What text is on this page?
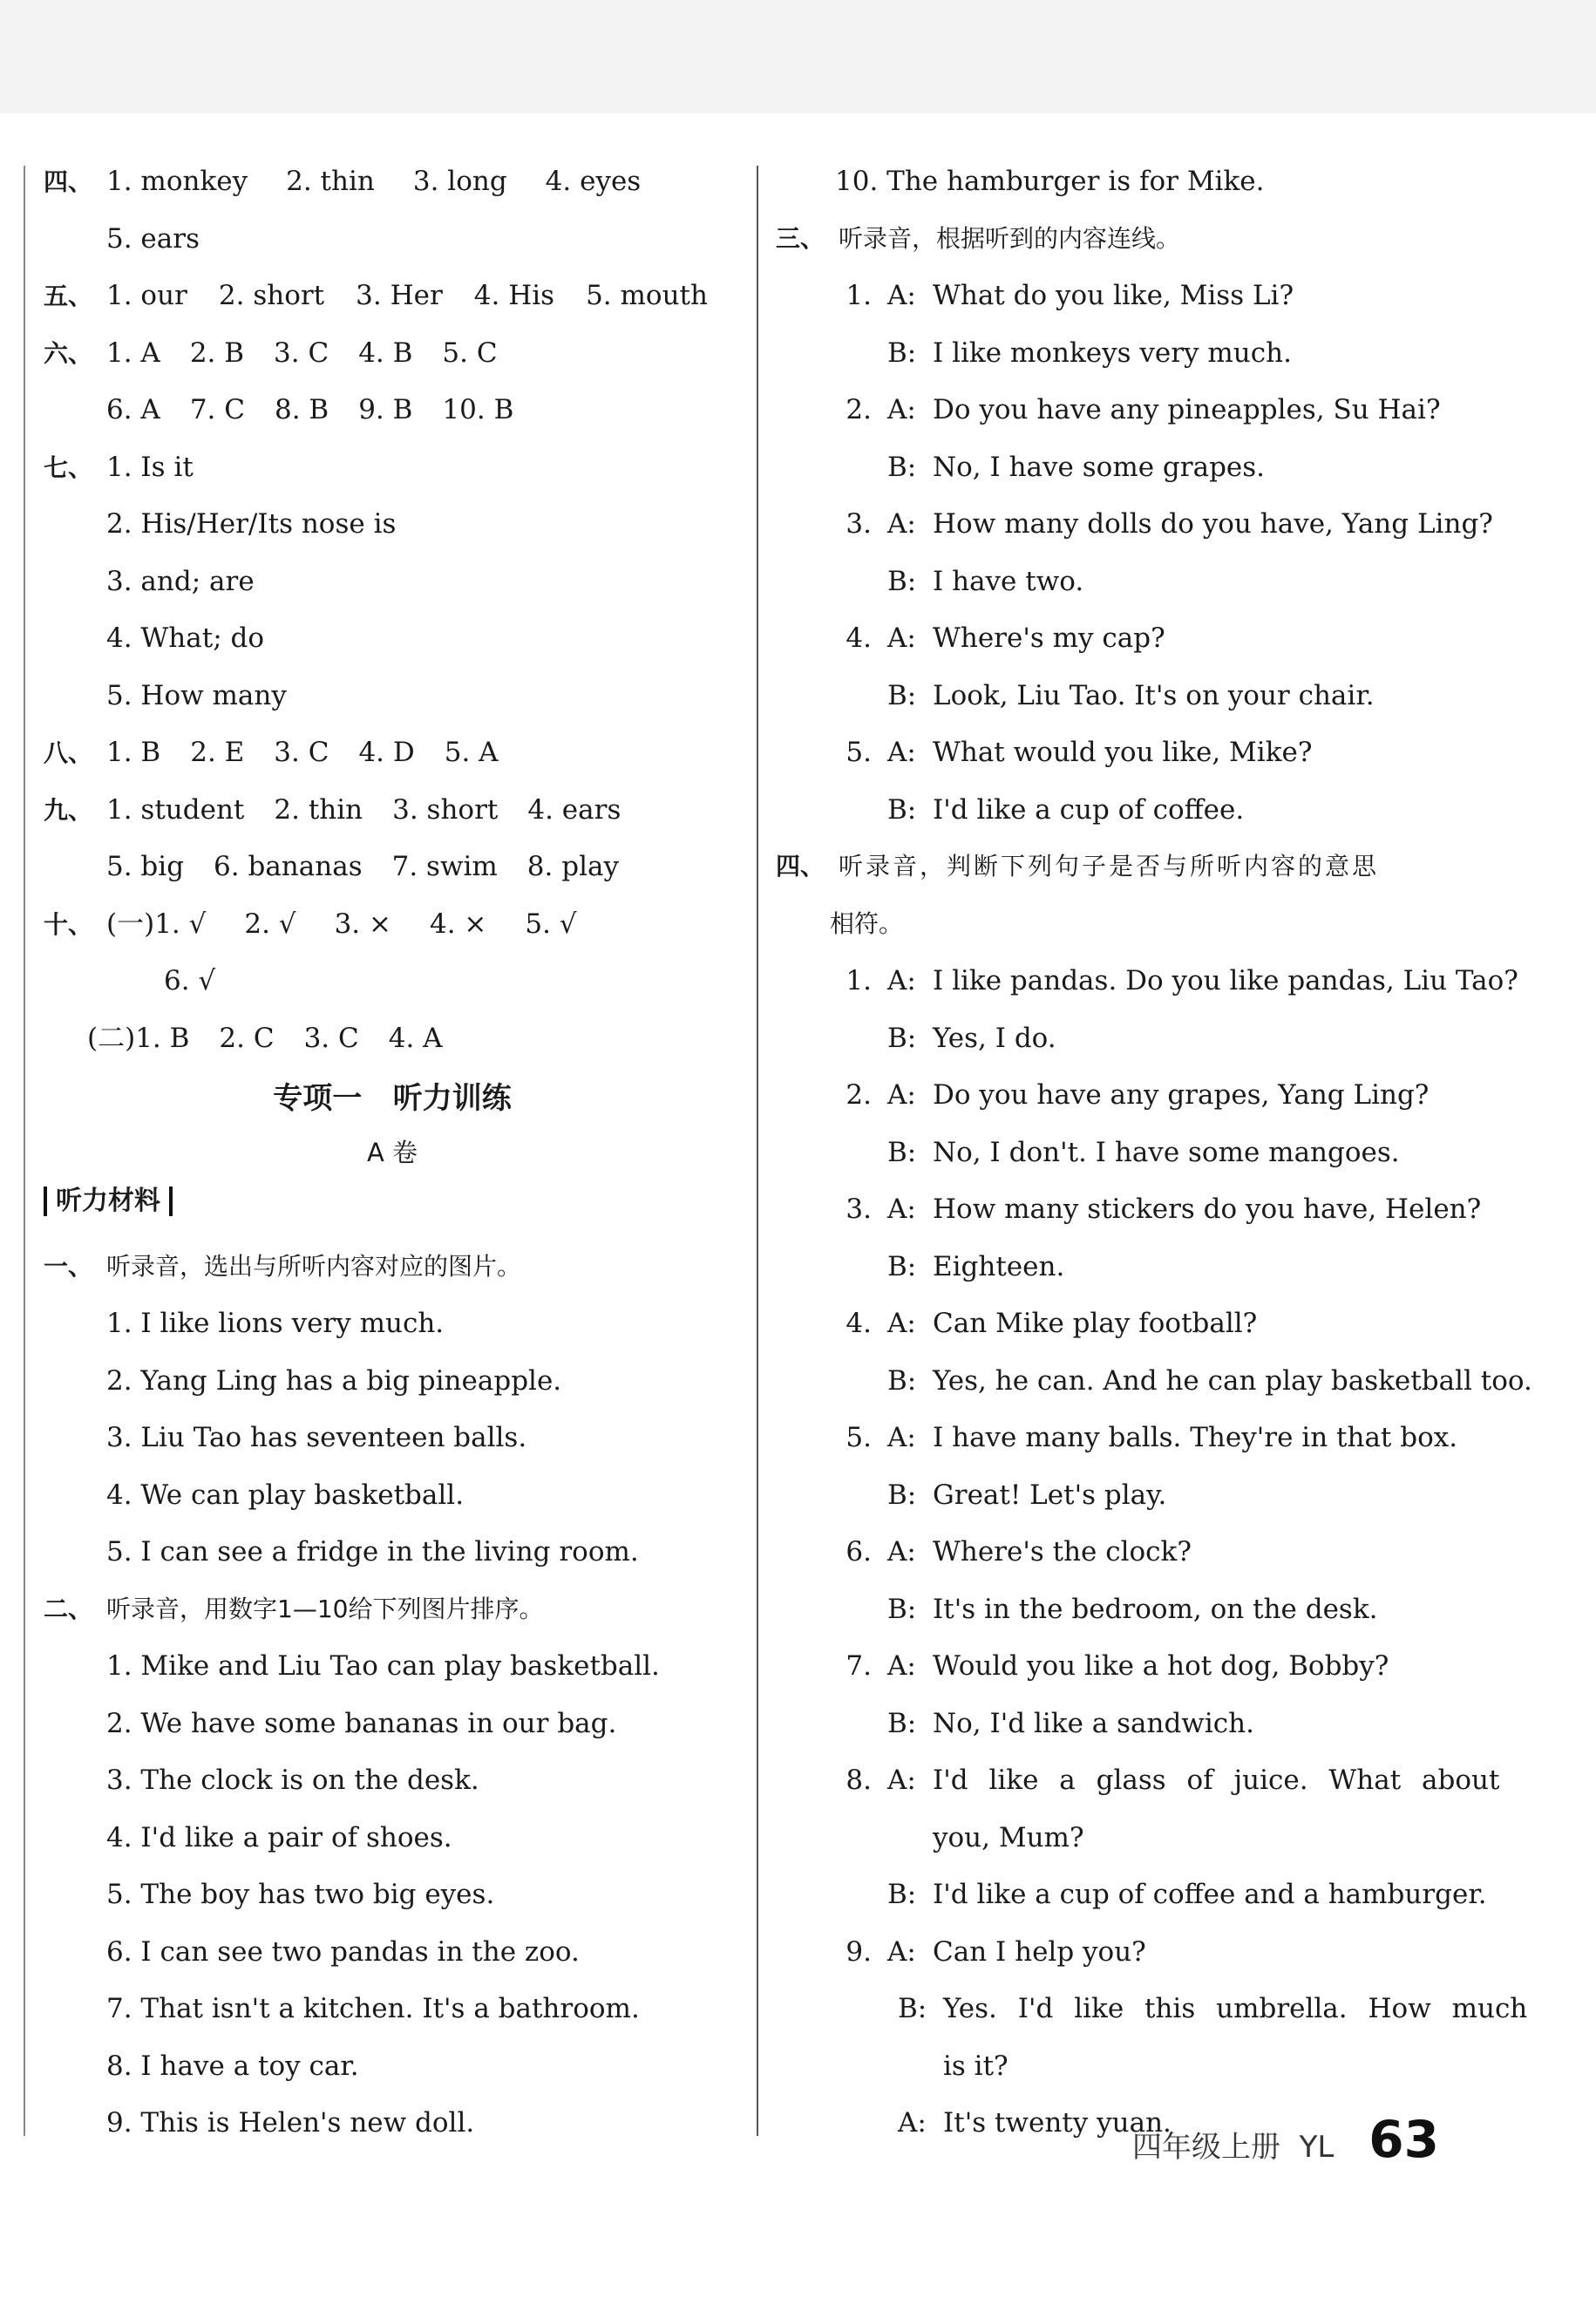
四、 1. monkey 2. thin 3. long 4. eyes
5. ears
五、 1. our 2. short 3. Her 4. His 5. mouth
六、 1. A 2. B 3. C 4. B 5. C
6. A 7. C 8. B 9. B 10. B
七、 1. Is it
2. His/Her/Its nose is
3. and; are
4. What; do
5. How many
八、 1. B 2. E 3. C 4. D 5. A
九、 1. student 2. thin 3. short 4. ears
5. big 6. bananas 7. swim 8. play
十、 (一)1. √ 2. √ 3. × 4. × 5. √
6. √
(二)1. B 2. C 3. C 4. A
专项一   听力训练
A 卷
听力材料
一、 听录音，选出与所听内容对应的图片。
1. I like lions very much.
2. Yang Ling has a big pineapple.
3. Liu Tao has seventeen balls.
4. We can play basketball.
5. I can see a fridge in the living room.
二、 听录音，用数字1—10给下列图片排序。
1. Mike and Liu Tao can play basketball.
2. We have some bananas in our bag.
3. The clock is on the desk.
4. I'd like a pair of shoes.
5. The boy has two big eyes.
6. I can see two pandas in the zoo.
7. That isn't a kitchen. It's a bathroom.
8. I have a toy car.
9. This is Helen's new doll.
10. The hamburger is for Mike.
三、 听录音，根据听到的内容连线。
1. A: What do you like, Miss Li?
B: I like monkeys very much.
2. A: Do you have any pineapples, Su Hai?
B: No, I have some grapes.
3. A: How many dolls do you have, Yang Ling?
B: I have two.
4. A: Where's my cap?
B: Look, Liu Tao. It's on your chair.
5. A: What would you like, Mike?
B: I'd like a cup of coffee.
四、 听录音，判断下列句子是否与所听内容的意思
相符。
1. A: I like pandas. Do you like pandas, Liu Tao?
B: Yes, I do.
2. A: Do you have any grapes, Yang Ling?
B: No, I don't. I have some mangoes.
3. A: How many stickers do you have, Helen?
B: Eighteen.
4. A: Can Mike play football?
B: Yes, he can. And he can play basketball too.
5. A: I have many balls. They're in that box.
B: Great! Let's play.
6. A: Where's the clock?
B: It's in the bedroom, on the desk.
7. A: Would you like a hot dog, Bobby?
B: No, I'd like a sandwich.
8. A: I'd like a glass of juice. What about
you, Mum?
B: I'd like a cup of coffee and a hamburger.
9. A: Can I help you?
B: Yes. I'd like this umbrella. How much
is it?
A: It's twenty yuan.
四年级上册  YL 63
